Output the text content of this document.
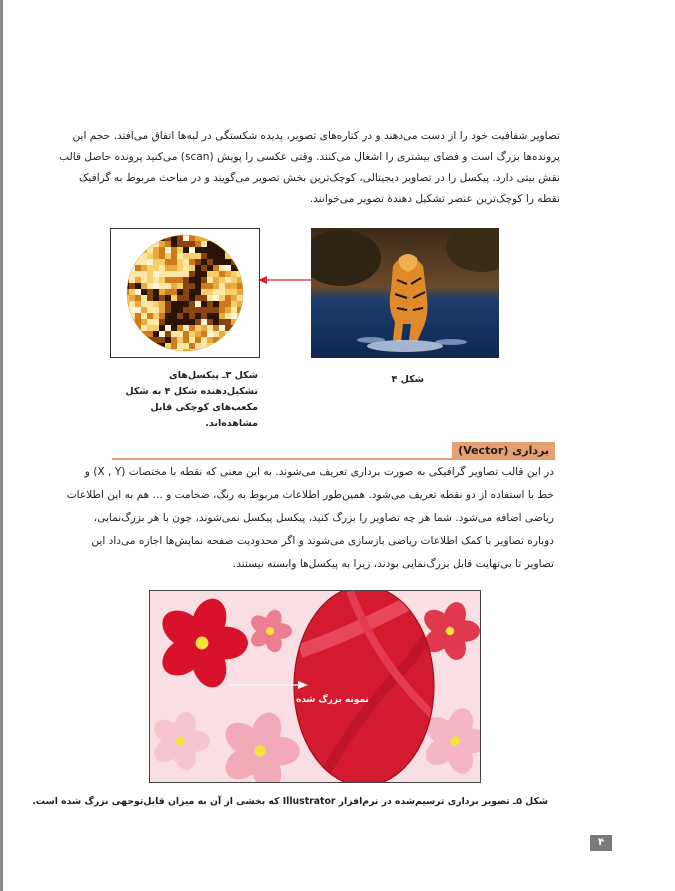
تصاویر شفافیت خود را از دست می‌دهند و در کناره‌های تصویر، پدیده شکستگی در لبه‌ها اتفاق می‌افتد. حجم این
پرونده‌ها بزرگ است و فضای بیشتری را اشغال می‌کنند. وقتی عکسی را پویش (scan) می‌کنید پرونده حاصل قالب
نقش بیتی دارد. پیکسل را در تصاویر دیجیتالی، کوچک‌ترین بخش تصویر می‌گویند و در مباحث مربوط به گرافیک
نقطه را کوچک‌ترین عنصر تشکیل دهندهٔ تصویر می‌خوانند.

شکل ۳ـ پیکسل‌های تشکیل‌دهنده شکل ۴ به شکل مکعب‌های کوچکی قابل مشاهده‌اند.

شکل ۴

برداری (Vector)

در این قالب تصاویر گرافیکی به صورت برداری تعریف می‌شوند. به این معنی که نقطه با مختصات (X , Y) و
خط با استفاده از دو نقطه تعریف می‌شود. همین‌طور اطلاعات مربوط به رنگ، ضخامت و ... هم به این اطلاعات
ریاضی اضافه می‌شود. شما هر چه تصاویر را بزرگ کنید، پیکسل پیکسل نمی‌شوند، چون با هر بزرگ‌نمایی،
دوباره تصاویر با کمک اطلاعات ریاضی بازسازی می‌شوند و اگر محدودیت صفحه نمایش‌ها اجازه می‌داد این
تصاویر تا بی‌نهایت قابل بزرگ‌نمایی بودند، زیرا به پیکسل‌ها وابسته نیستند.

نمونه بزرگ شده

شکل ۵ـ تصویر برداری ترسیم‌شده در نرم‌افزار Illustrator که بخشی از آن به میزان قابل‌توجهی بزرگ شده است.

۴
